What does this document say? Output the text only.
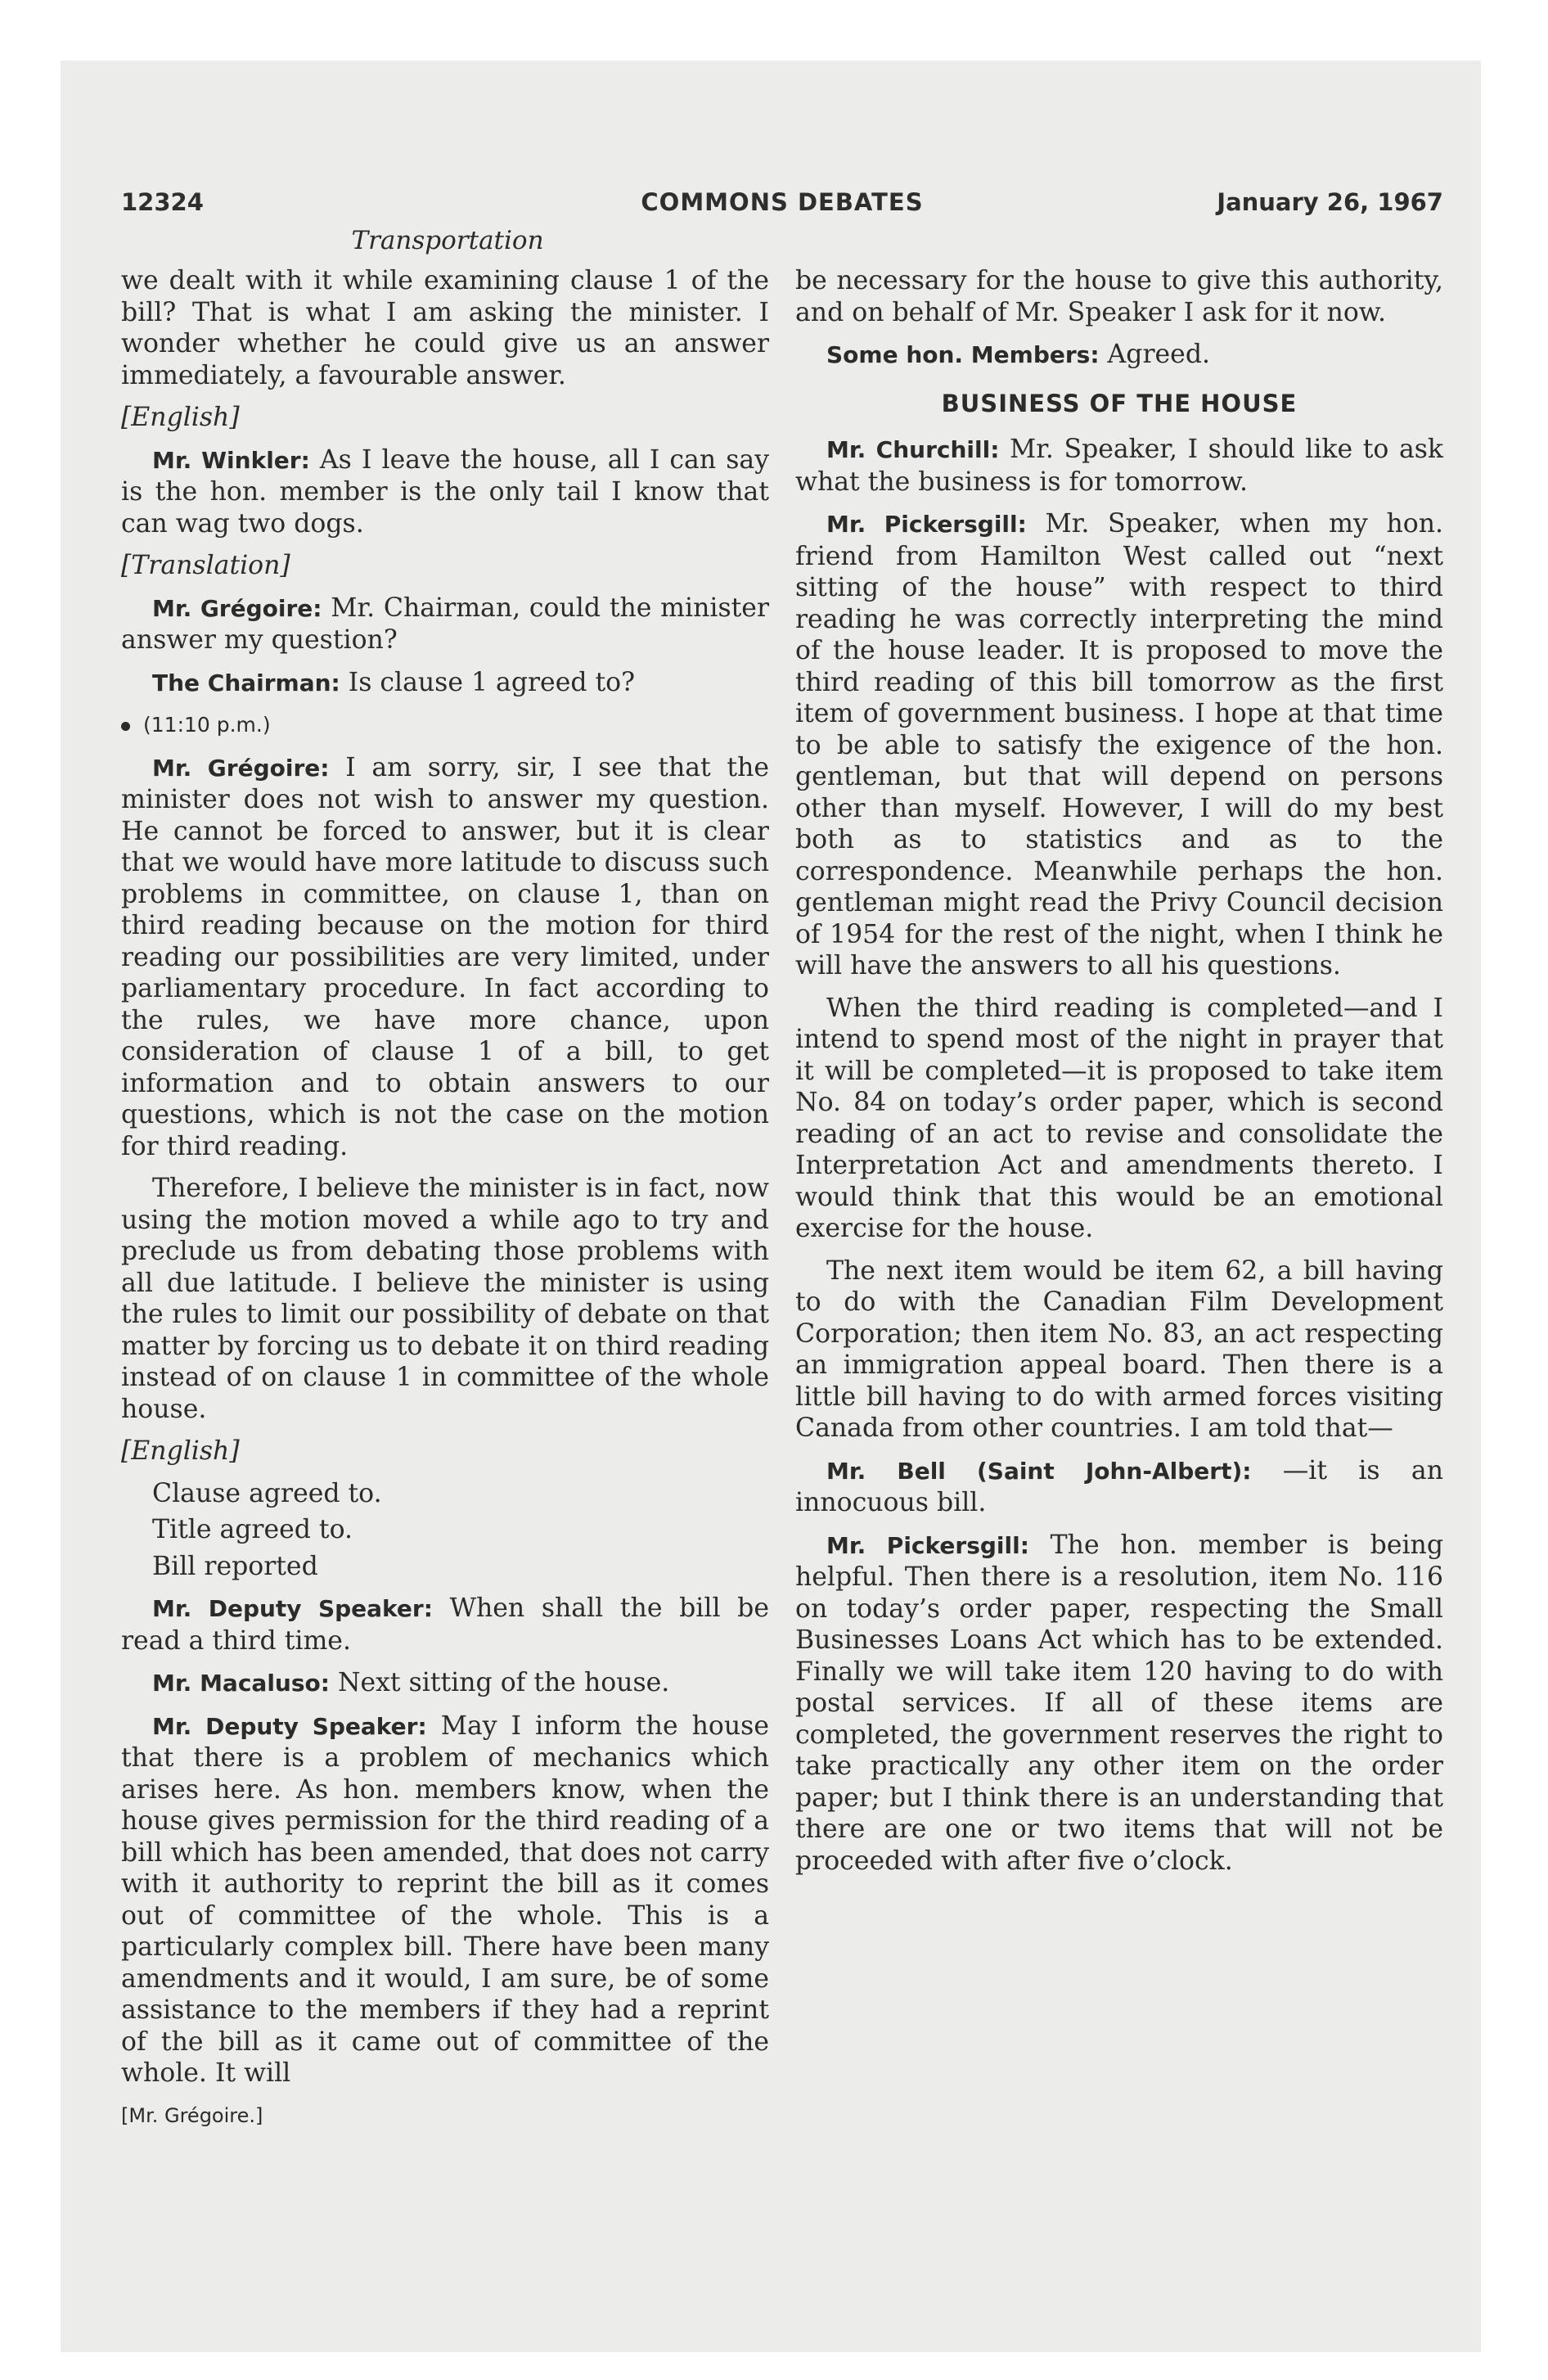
12324	COMMONS DEBATES	January 26, 1967
Transportation

we dealt with it while examining clause 1 of the bill? That is what I am asking the minister. I wonder whether he could give us an answer immediately, a favourable answer.

[English]

Mr. Winkler: As I leave the house, all I can say is the hon. member is the only tail I know that can wag two dogs.

[Translation]

Mr. Grégoire: Mr. Chairman, could the minister answer my question?

The Chairman: Is clause 1 agreed to?

(11:10 p.m.)

Mr. Grégoire: I am sorry, sir, I see that the minister does not wish to answer my question. He cannot be forced to answer, but it is clear that we would have more latitude to discuss such problems in committee, on clause 1, than on third reading because on the motion for third reading our possibilities are very limited, under parliamentary procedure. In fact according to the rules, we have more chance, upon consideration of clause 1 of a bill, to get information and to obtain answers to our questions, which is not the case on the motion for third reading.

Therefore, I believe the minister is in fact, now using the motion moved a while ago to try and preclude us from debating those problems with all due latitude. I believe the minister is using the rules to limit our possibility of debate on that matter by forcing us to debate it on third reading instead of on clause 1 in committee of the whole house.

[English]
Clause agreed to.
Title agreed to.
Bill reported

Mr. Deputy Speaker: When shall the bill be read a third time.

Mr. Macaluso: Next sitting of the house.

Mr. Deputy Speaker: May I inform the house that there is a problem of mechanics which arises here. As hon. members know, when the house gives permission for the third reading of a bill which has been amended, that does not carry with it authority to reprint the bill as it comes out of committee of the whole. This is a particularly complex bill. There have been many amendments and it would, I am sure, be of some assistance to the members if they had a reprint of the bill as it came out of committee of the whole. It will

[Mr. Grégoire.]

be necessary for the house to give this authority, and on behalf of Mr. Speaker I ask for it now.

Some hon. Members: Agreed.

BUSINESS OF THE HOUSE

Mr. Churchill: Mr. Speaker, I should like to ask what the business is for tomorrow.

Mr. Pickersgill: Mr. Speaker, when my hon. friend from Hamilton West called out “next sitting of the house” with respect to third reading he was correctly interpreting the mind of the house leader. It is proposed to move the third reading of this bill tomorrow as the first item of government business. I hope at that time to be able to satisfy the exigence of the hon. gentleman, but that will depend on persons other than myself. However, I will do my best both as to statistics and as to the correspondence. Meanwhile perhaps the hon. gentleman might read the Privy Council decision of 1954 for the rest of the night, when I think he will have the answers to all his questions.

When the third reading is completed—and I intend to spend most of the night in prayer that it will be completed—it is proposed to take item No. 84 on today’s order paper, which is second reading of an act to revise and consolidate the Interpretation Act and amendments thereto. I would think that this would be an emotional exercise for the house.

The next item would be item 62, a bill having to do with the Canadian Film Development Corporation; then item No. 83, an act respecting an immigration appeal board. Then there is a little bill having to do with armed forces visiting Canada from other countries. I am told that—

Mr. Bell (Saint John-Albert): —it is an innocuous bill.

Mr. Pickersgill: The hon. member is being helpful. Then there is a resolution, item No. 116 on today’s order paper, respecting the Small Businesses Loans Act which has to be extended. Finally we will take item 120 having to do with postal services. If all of these items are completed, the government reserves the right to take practically any other item on the order paper; but I think there is an understanding that there are one or two items that will not be proceeded with after five o’clock.
